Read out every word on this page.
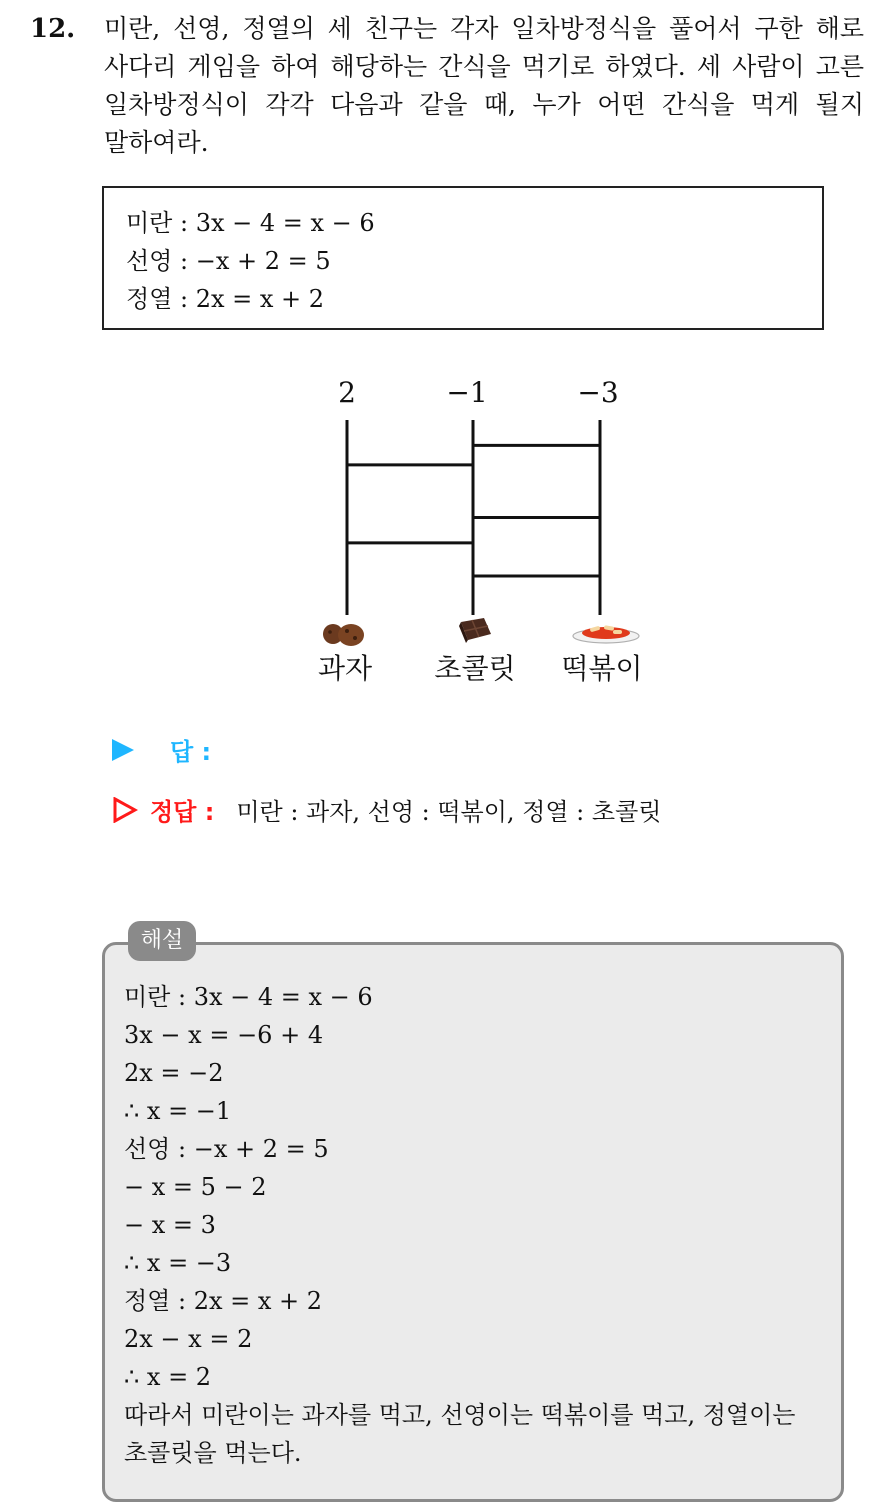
12. 미란, 선영, 정열의 세 친구는 각자 일차방정식을 풀어서 구한 해로 사다리 게임을 하여 해당하는 간식을 먹기로 하였다. 세 사람이 고른 일차방정식이 각각 다음과 같을 때, 누가 어떤 간식을 먹게 될지 말하여라.
미란 : 3x − 4 = x − 6
선영 : −x + 2 = 5
정열 : 2x = x + 2
2	−1	−3
과자 초콜릿 떡볶이
답 :
정답 : 미란 : 과자, 선영 : 떡볶이, 정열 : 초콜릿
해설
미란 : 3x − 4 = x − 6
3x − x = −6 + 4
2x = −2
∴ x = −1
선영 : −x + 2 = 5
− x = 5 − 2
− x = 3
∴ x = −3
정열 : 2x = x + 2
2x − x = 2
∴ x = 2
따라서 미란이는 과자를 먹고, 선영이는 떡볶이를 먹고, 정열이는 초콜릿을 먹는다.
